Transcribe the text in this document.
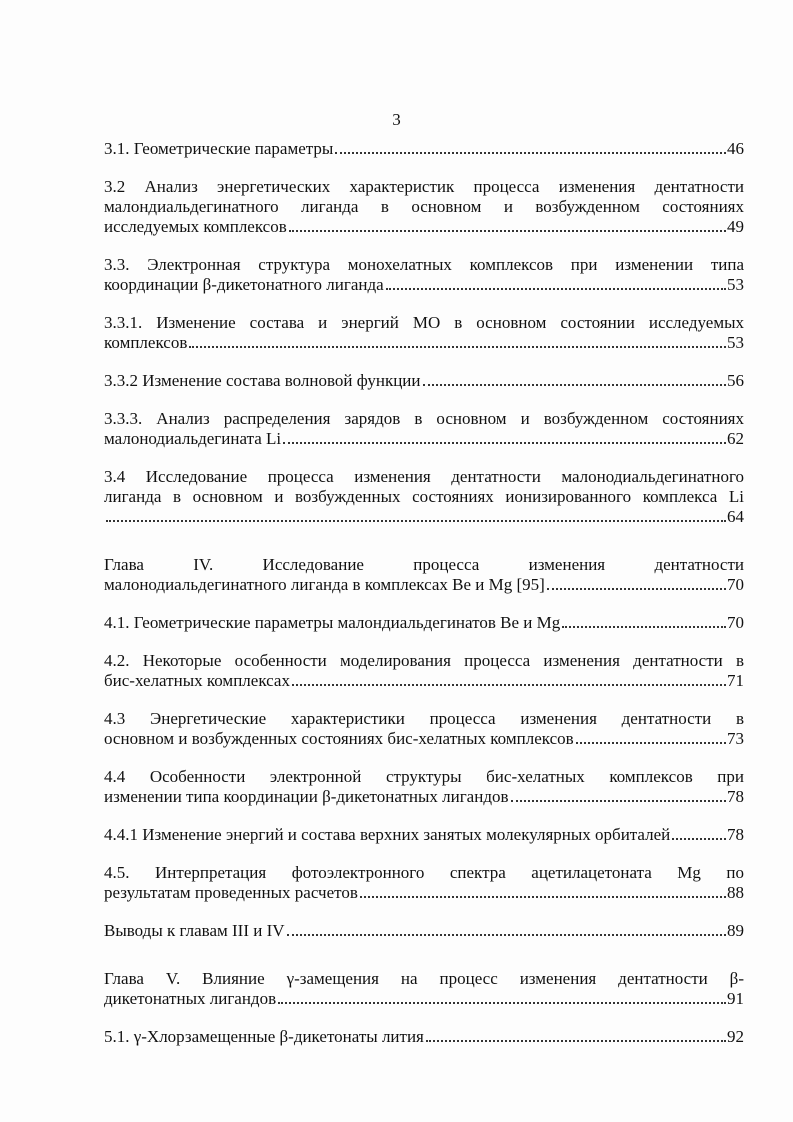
3
3.1. Геометрические параметры	46
3.2 Анализ энергетических характеристик процесса изменения дентатности
малондиальдегинатного лиганда в основном и возбужденном состояниях
исследуемых комплексов	49
3.3. Электронная структура монохелатных комплексов при изменении типа
координации β-дикетонатного лиганда	53
3.3.1. Изменение состава и энергий МО в основном состоянии исследуемых
комплексов	53
3.3.2 Изменение состава волновой функции	56
3.3.3. Анализ распределения зарядов в основном и возбужденном состояниях
малонодиальдегината Li	62
3.4 Исследование процесса изменения дентатности малонодиальдегинатного
лиганда в основном и возбужденных состояниях ионизированного комплекса Li
64
Глава IV. Исследование процесса изменения дентатности
малонодиальдегинатного лиганда в комплексах Be и Mg [95]	70
4.1. Геометрические параметры малондиальдегинатов Be и Mg	70
4.2. Некоторые особенности моделирования процесса изменения дентатности в
бис-хелатных комплексах	71
4.3 Энергетические характеристики процесса изменения дентатности в
основном и возбужденных состояниях бис-хелатных комплексов	73
4.4 Особенности электронной структуры бис-хелатных комплексов при
изменении типа координации β-дикетонатных лигандов	78
4.4.1 Изменение энергий и состава верхних занятых молекулярных орбиталей	78
4.5. Интерпретация фотоэлектронного спектра ацетилацетоната Mg по
результатам проведенных расчетов	88
Выводы к главам III и IV	89
Глава V. Влияние γ-замещения на процесс изменения дентатности β-
дикетонатных лигандов	91
5.1. γ-Хлорзамещенные β-дикетонаты лития	92
